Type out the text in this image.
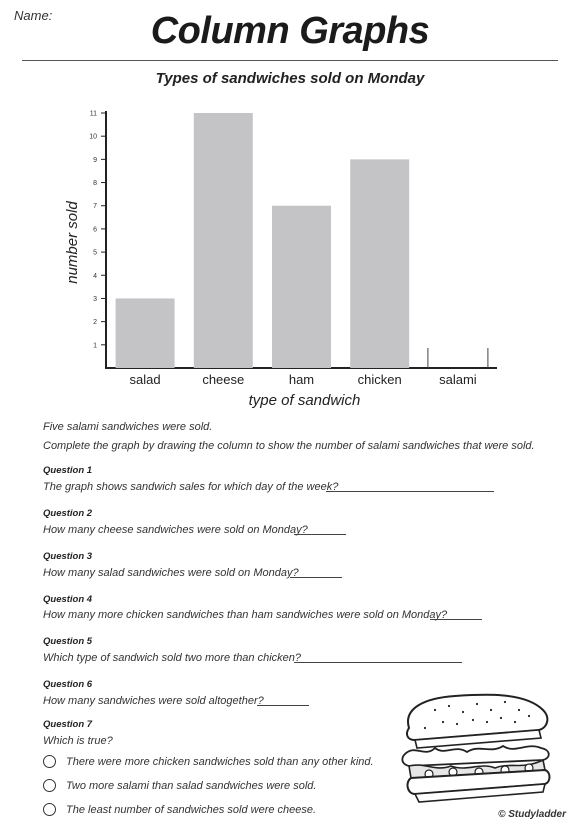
Name:	Column Graphs
Types of sandwiches sold on Monday
1
2
3
4
5
6
7
8
9
10
11
salad	cheese	ham	chicken	salami
type of sandwich
number sold
Five salami sandwiches were sold.
Complete the graph by drawing the column to show the number of salami sandwiches that were sold.
Question 1
The graph shows sandwich sales for which day of the week?
Question 2
How many cheese sandwiches were sold on Monday?
Question 3
How many salad sandwiches were sold on Monday?
Question 4
How many more chicken sandwiches than ham sandwiches were sold on Monday?
Question 5
Which type of sandwich sold two more than chicken?
Question 6
How many sandwiches were sold altogether?
Question 7
Which is true?
There were more chicken sandwiches sold than any other kind.
Two more salami than salad sandwiches were sold.
The least number of sandwiches sold were cheese.	© Studyladder
